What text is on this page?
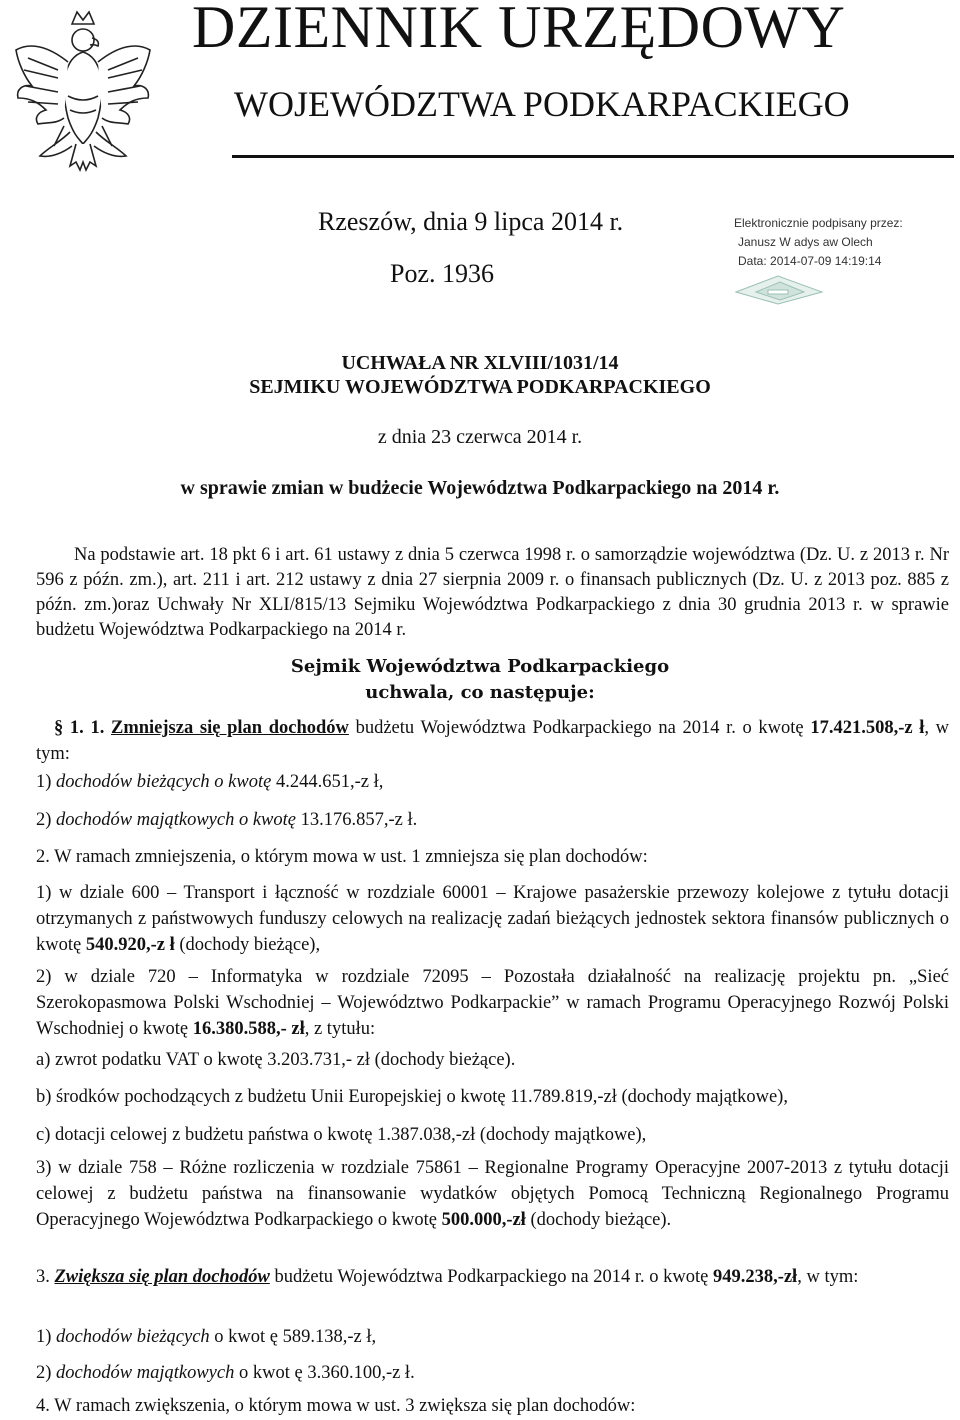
DZIENNIK URZĘDOWY
WOJEWÓDZTWA PODKARPACKIEGO
Rzeszów, dnia 9 lipca 2014 r.
Poz. 1936
Elektronicznie podpisany przez:
Janusz W adys aw Olech
Data: 2014-07-09 14:19:14
UCHWAŁA NR XLVIII/1031/14
SEJMIKU WOJEWÓDZTWA PODKARPACKIEGO
z dnia 23 czerwca 2014 r.
w sprawie zmian w budżecie Województwa Podkarpackiego na 2014 r.

Na podstawie art. 18 pkt 6 i art. 61 ustawy z dnia 5 czerwca 1998 r. o samorządzie województwa (Dz. U. z 2013 r. Nr 596 z późn. zm.), art. 211 i art. 212 ustawy z dnia 27 sierpnia 2009 r. o finansach publicznych (Dz. U. z 2013 poz. 885 z późn. zm.)oraz Uchwały Nr XLI/815/13 Sejmiku Województwa Podkarpackiego z dnia 30 grudnia 2013 r. w sprawie budżetu Województwa Podkarpackiego na 2014 r.

Sejmik Województwa Podkarpackiego
uchwala, co następuje:

§ 1. 1. Zmniejsza się plan dochodów budżetu Województwa Podkarpackiego na 2014 r. o kwotę 17.421.508,-z ł, w tym:

1) dochodów bieżących o kwotę 4.244.651,-z ł,
2) dochodów majątkowych o kwotę 13.176.857,-z ł.
2. W ramach zmniejszenia, o którym mowa w ust. 1 zmniejsza się plan dochodów:

1) w dziale 600 – Transport i łączność w rozdziale 60001 – Krajowe pasażerskie przewozy kolejowe z tytułu dotacji otrzymanych z państwowych funduszy celowych na realizację zadań bieżących jednostek sektora finansów publicznych o kwotę 540.920,-z ł (dochody bieżące),

2) w dziale 720 – Informatyka w rozdziale 72095 – Pozostała działalność na realizację projektu pn. „Sieć Szerokopasmowa Polski Wschodniej – Województwo Podkarpackie” w ramach Programu Operacyjnego Rozwój Polski Wschodniej o kwotę 16.380.588,- zł, z tytułu:

a) zwrot podatku VAT o kwotę 3.203.731,- zł (dochody bieżące).
b) środków pochodzących z budżetu Unii Europejskiej o kwotę 11.789.819,-zł (dochody majątkowe),
c) dotacji celowej z budżetu państwa o kwotę 1.387.038,-zł (dochody majątkowe),

3) w dziale 758 – Różne rozliczenia w rozdziale 75861 – Regionalne Programy Operacyjne 2007-2013 z tytułu dotacji celowej z budżetu państwa na finansowanie wydatków objętych Pomocą Techniczną Regionalnego Programu Operacyjnego Województwa Podkarpackiego o kwotę 500.000,-zł (dochody bieżące).

3. Zwiększa się plan dochodów budżetu Województwa Podkarpackiego na 2014 r. o kwotę 949.238,-zł, w tym:

1) dochodów bieżących o kwot ę 589.138,-z ł,
2) dochodów majątkowych o kwot ę 3.360.100,-z ł.
4. W ramach zwiększenia, o którym mowa w ust. 3 zwiększa się plan dochodów:
